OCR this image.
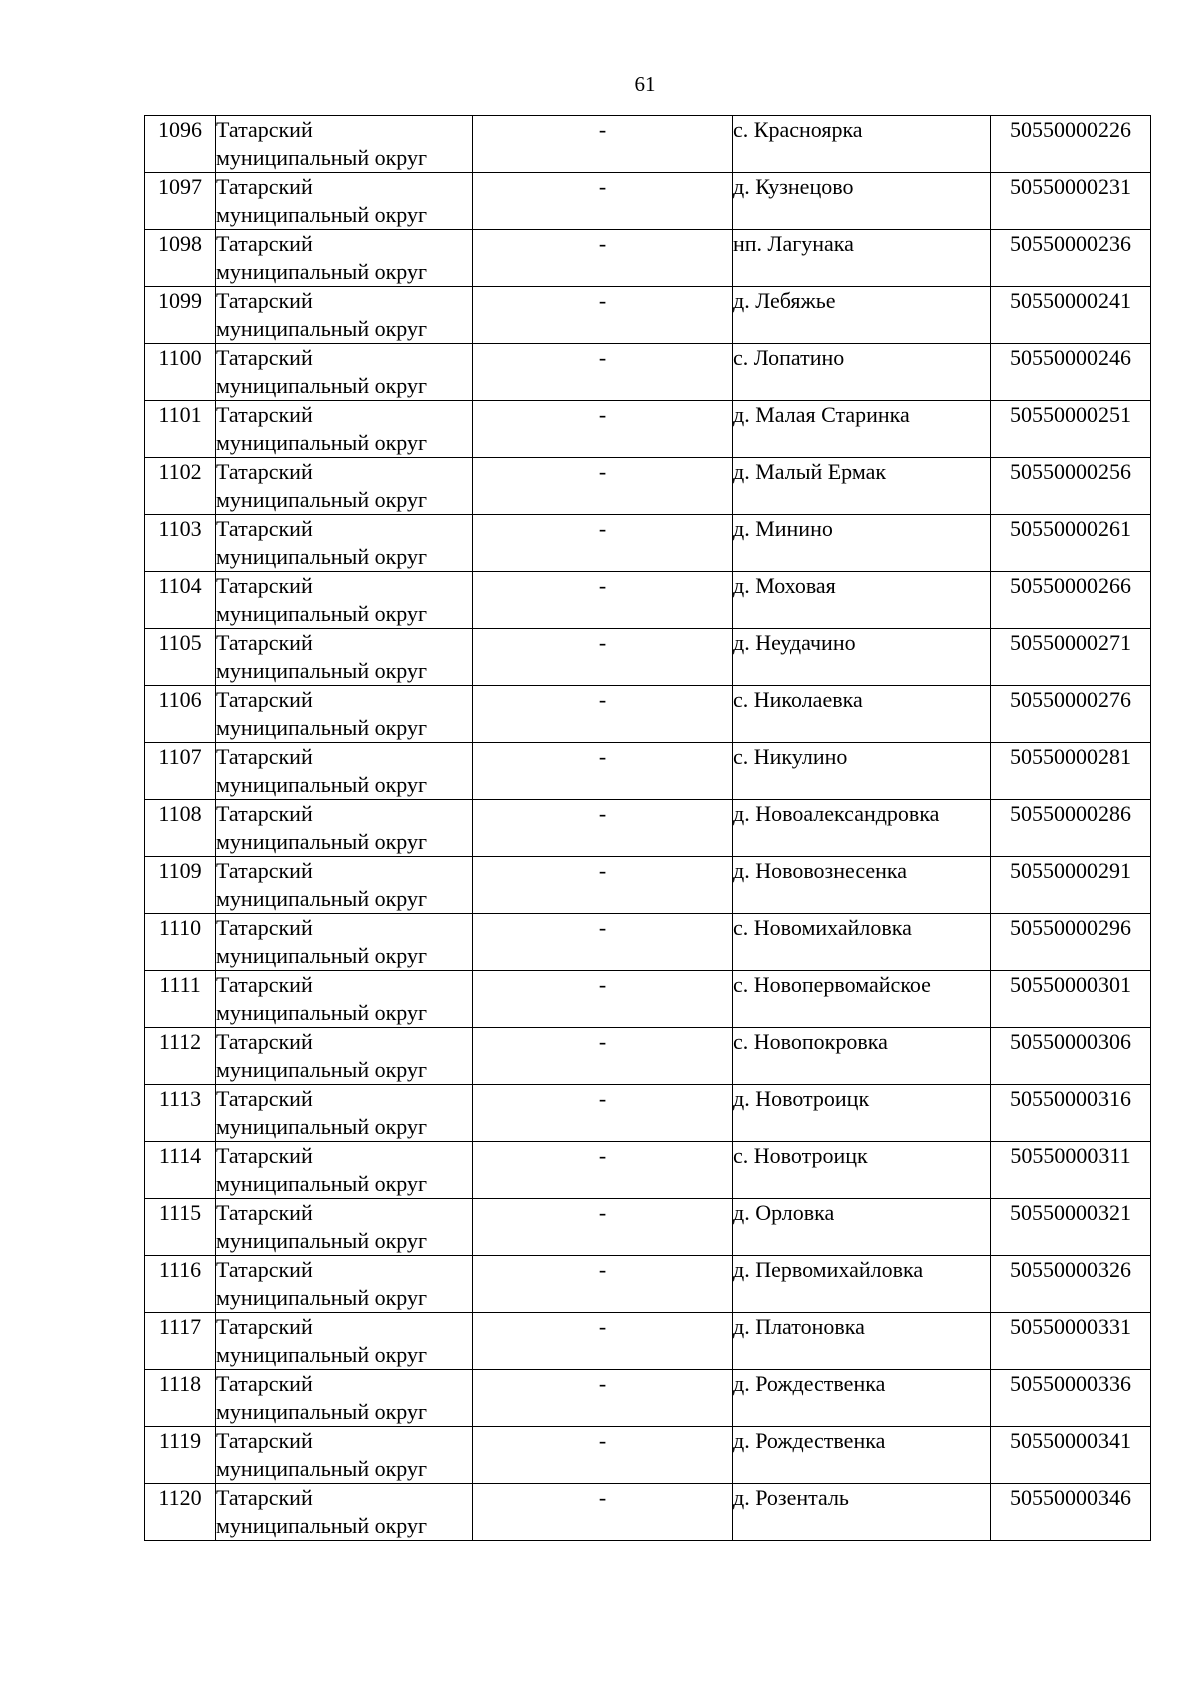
61
1096	Татарский
муниципальный округ	-	с. Красноярка	50550000226
1097	Татарский
муниципальный округ	-	д. Кузнецово	50550000231
1098	Татарский
муниципальный округ	-	нп. Лагунака	50550000236
1099	Татарский
муниципальный округ	-	д. Лебяжье	50550000241
1100	Татарский
муниципальный округ	-	с. Лопатино	50550000246
1101	Татарский
муниципальный округ	-	д. Малая Старинка	50550000251
1102	Татарский
муниципальный округ	-	д. Малый Ермак	50550000256
1103	Татарский
муниципальный округ	-	д. Минино	50550000261
1104	Татарский
муниципальный округ	-	д. Моховая	50550000266
1105	Татарский
муниципальный округ	-	д. Неудачино	50550000271
1106	Татарский
муниципальный округ	-	с. Николаевка	50550000276
1107	Татарский
муниципальный округ	-	с. Никулино	50550000281
1108	Татарский
муниципальный округ	-	д. Новоалександровка	50550000286
1109	Татарский
муниципальный округ	-	д. Нововознесенка	50550000291
1110	Татарский
муниципальный округ	-	с. Новомихайловка	50550000296
1111	Татарский
муниципальный округ	-	с. Новопервомайское	50550000301
1112	Татарский
муниципальный округ	-	с. Новопокровка	50550000306
1113	Татарский
муниципальный округ	-	д. Новотроицк	50550000316
1114	Татарский
муниципальный округ	-	с. Новотроицк	50550000311
1115	Татарский
муниципальный округ	-	д. Орловка	50550000321
1116	Татарский
муниципальный округ	-	д. Первомихайловка	50550000326
1117	Татарский
муниципальный округ	-	д. Платоновка	50550000331
1118	Татарский
муниципальный округ	-	д. Рождественка	50550000336
1119	Татарский
муниципальный округ	-	д. Рождественка	50550000341
1120	Татарский
муниципальный округ	-	д. Розенталь	50550000346
